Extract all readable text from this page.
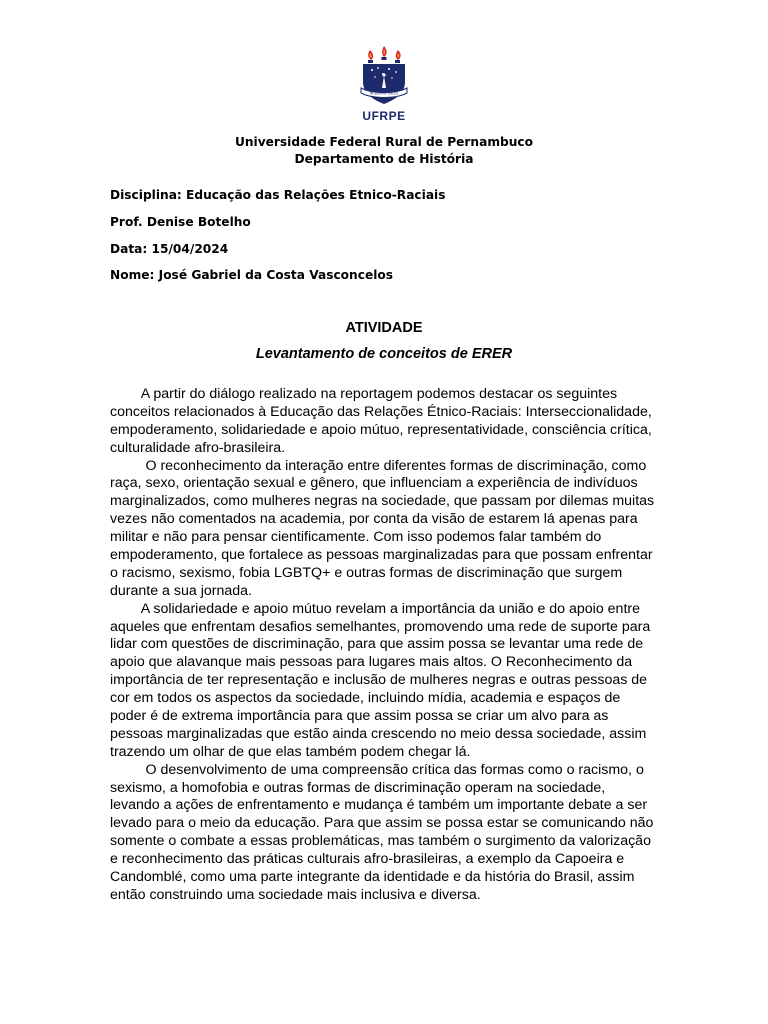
IN SEMINE SALUS
UFRPE
Universidade Federal Rural de Pernambuco
Departamento de História
Disciplina: Educação das Relações Etnico-Raciais
Prof. Denise Botelho
Data: 15/04/2024
Nome: José Gabriel da Costa Vasconcelos
ATIVIDADE
Levantamento de conceitos de ERER
A partir do diálogo realizado na reportagem podemos destacar os seguintes
conceitos relacionados à Educação das Relações Étnico-Raciais: Interseccionalidade,
empoderamento, solidariedade e apoio mútuo, representatividade, consciência crítica,
culturalidade afro-brasileira.
O reconhecimento da interação entre diferentes formas de discriminação, como
raça, sexo, orientação sexual e gênero, que influenciam a experiência de indivíduos
marginalizados, como mulheres negras na sociedade, que passam por dilemas muitas
vezes não comentados na academia, por conta da visão de estarem lá apenas para
militar e não para pensar cientificamente. Com isso podemos falar também do
empoderamento, que fortalece as pessoas marginalizadas para que possam enfrentar
o racismo, sexismo, fobia LGBTQ+ e outras formas de discriminação que surgem
durante a sua jornada.
A solidariedade e apoio mútuo revelam a importância da união e do apoio entre
aqueles que enfrentam desafios semelhantes, promovendo uma rede de suporte para
lidar com questões de discriminação, para que assim possa se levantar uma rede de
apoio que alavanque mais pessoas para lugares mais altos. O Reconhecimento da
importância de ter representação e inclusão de mulheres negras e outras pessoas de
cor em todos os aspectos da sociedade, incluindo mídia, academia e espaços de
poder é de extrema importância para que assim possa se criar um alvo para as
pessoas marginalizadas que estão ainda crescendo no meio dessa sociedade, assim
trazendo um olhar de que elas também podem chegar lá.
O desenvolvimento de uma compreensão crítica das formas como o racismo, o
sexismo, a homofobia e outras formas de discriminação operam na sociedade,
levando a ações de enfrentamento e mudança é também um importante debate a ser
levado para o meio da educação. Para que assim se possa estar se comunicando não
somente o combate a essas problemáticas, mas também o surgimento da valorização
e reconhecimento das práticas culturais afro-brasileiras, a exemplo da Capoeira e
Candomblé, como uma parte integrante da identidade e da história do Brasil, assim
então construindo uma sociedade mais inclusiva e diversa.
